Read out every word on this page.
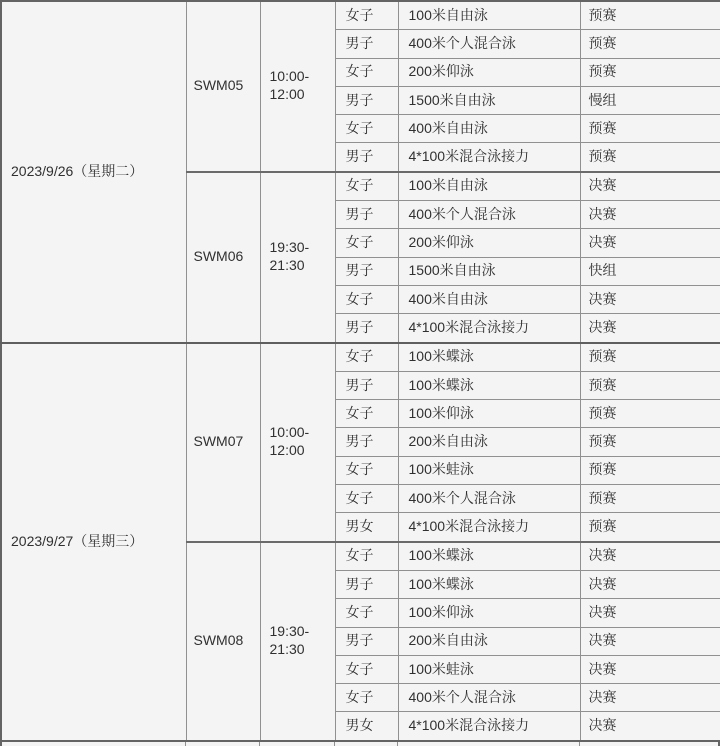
2023/9/26（星期二）	SWM05	10:00-12:00	女子	100米自由泳	预赛
			男子	400米个人混合泳	预赛
			女子	200米仰泳	预赛
			男子	1500米自由泳	慢组
			女子	400米自由泳	预赛
			男子	4*100米混合泳接力	预赛
	SWM06	19:30-21:30	女子	100米自由泳	决赛
			男子	400米个人混合泳	决赛
			女子	200米仰泳	决赛
			男子	1500米自由泳	快组
			女子	400米自由泳	决赛
			男子	4*100米混合泳接力	决赛
2023/9/27（星期三）	SWM07	10:00-12:00	女子	100米蝶泳	预赛
			男子	100米蝶泳	预赛
			女子	100米仰泳	预赛
			男子	200米自由泳	预赛
			女子	100米蛙泳	预赛
			女子	400米个人混合泳	预赛
			男女	4*100米混合泳接力	预赛
	SWM08	19:30-21:30	女子	100米蝶泳	决赛
			男子	100米蝶泳	决赛
			女子	100米仰泳	决赛
			男子	200米自由泳	决赛
			女子	100米蛙泳	决赛
			女子	400米个人混合泳	决赛
			男女	4*100米混合泳接力	决赛
